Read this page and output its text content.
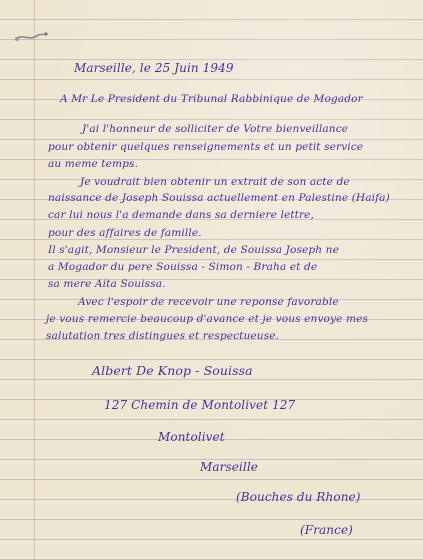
Marseille, le 25 Juin 1949
A Mr Le President du Tribunal Rabbinique de Mogador
J'ai l'honneur de solliciter de Votre bienveillance
pour obtenir quelques renseignements et un petit service
au meme temps.
Je voudrait bien obtenir un extrait de son acte de
naissance de Joseph Souissa actuellement en Palestine (Haifa)
car lui nous l'a demande dans sa derniere lettre,
pour des affaires de famille.
Il s'agit, Monsieur le President, de Souissa Joseph ne
a Mogador du pere Souissa - Simon - Braha et de
sa mere Aita Souissa.
Avec l'espoir de recevoir une reponse favorable
je vous remercie beaucoup d'avance et je vous envoye mes
salutation tres distingues et respectueuse.
Albert De Knop - Souissa
127 Chemin de Montolivet 127
Montolivet
Marseille
(Bouches du Rhone)
(France)
